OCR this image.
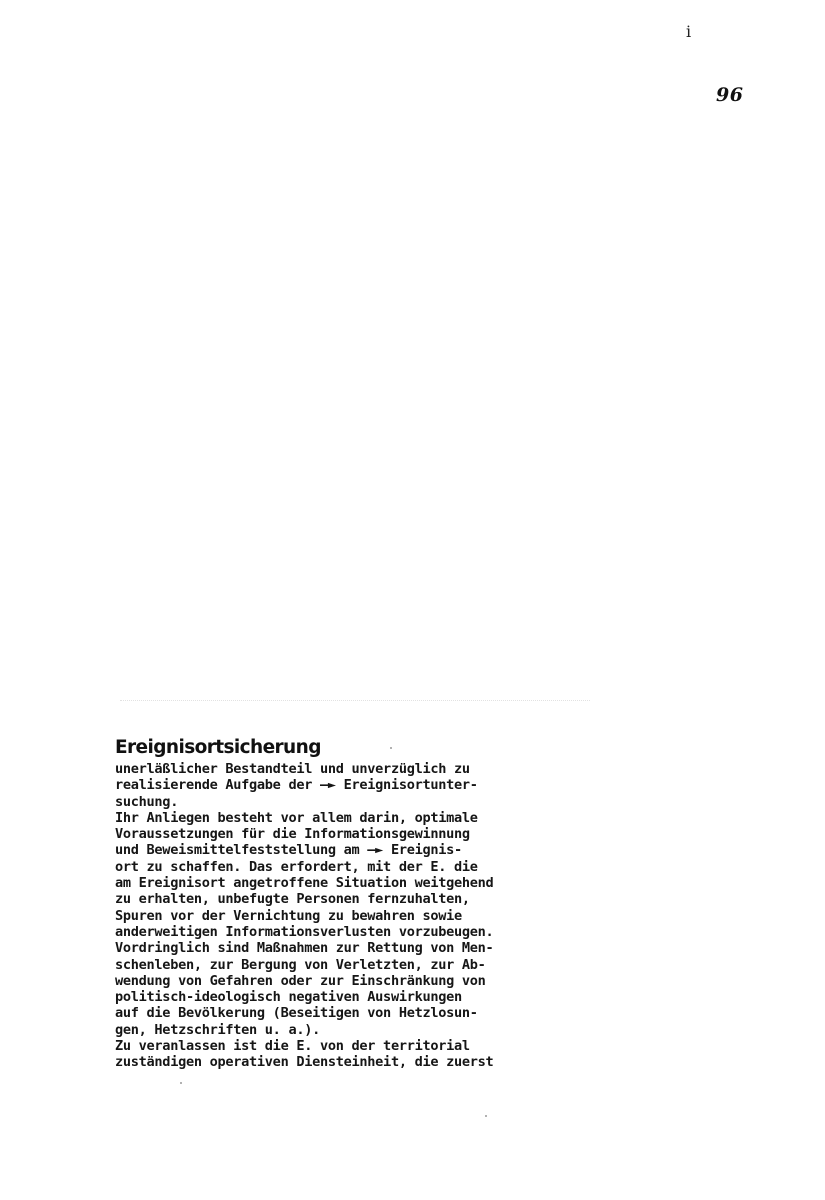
i
96
Ereignisortsicherung
unerläßlicher Bestandteil und unverzüglich zu
realisierende Aufgabe der —► Ereignisortunter-
suchung.
Ihr Anliegen besteht vor allem darin, optimale
Voraussetzungen für die Informationsgewinnung
und Beweismittelfeststellung am —► Ereignis-
ort zu schaffen. Das erfordert, mit der E. die
am Ereignisort angetroffene Situation weitgehend
zu erhalten, unbefugte Personen fernzuhalten,
Spuren vor der Vernichtung zu bewahren sowie
anderweitigen Informationsverlusten vorzubeugen.
Vordringlich sind Maßnahmen zur Rettung von Men-
schenleben, zur Bergung von Verletzten, zur Ab-
wendung von Gefahren oder zur Einschränkung von
politisch-ideologisch negativen Auswirkungen
auf die Bevölkerung (Beseitigen von Hetzlosun-
gen, Hetzschriften u. a.).
Zu veranlassen ist die E. von der territorial
zuständigen operativen Diensteinheit, die zuerst
